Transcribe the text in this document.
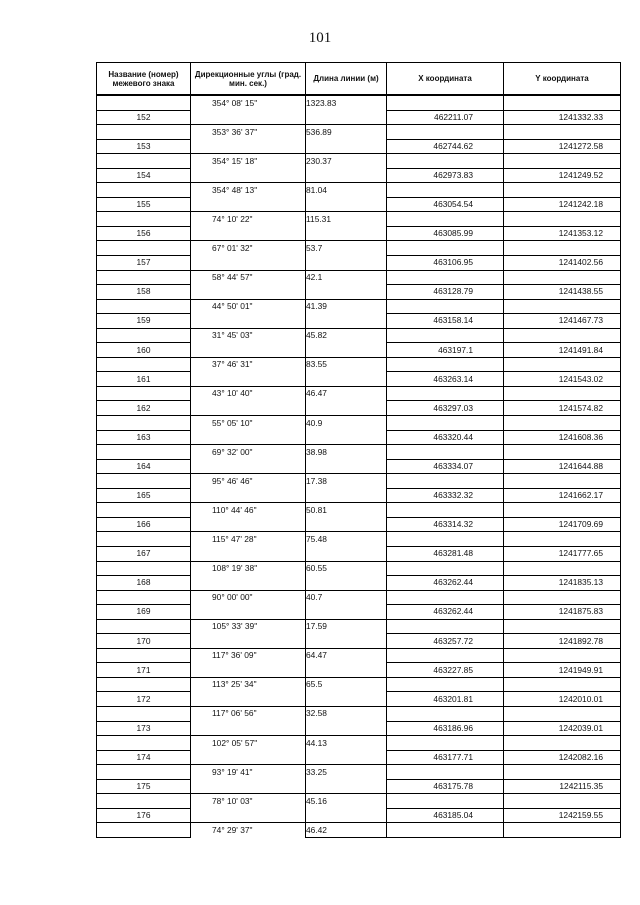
101
Название (номер) межевого знака	Дирекционные углы (град. мин. сек.)	Длина линии (м)	X координата	Y координата
	354° 08' 15"	1323.83		
152			462211.07	1241332.33
	353° 36' 37"	536.89		
153			462744.62	1241272.58
	354° 15' 18"	230.37		
154			462973.83	1241249.52
	354° 48' 13"	81.04		
155			463054.54	1241242.18
	74° 10' 22"	115.31		
156			463085.99	1241353.12
	67° 01' 32"	53.7		
157			463106.95	1241402.56
	58° 44' 57"	42.1		
158			463128.79	1241438.55
	44° 50' 01"	41.39		
159			463158.14	1241467.73
	31° 45' 03"	45.82		
160			463197.1	1241491.84
	37° 46' 31"	83.55		
161			463263.14	1241543.02
	43° 10' 40"	46.47		
162			463297.03	1241574.82
	55° 05' 10"	40.9		
163			463320.44	1241608.36
	69° 32' 00"	38.98		
164			463334.07	1241644.88
	95° 46' 46"	17.38		
165			463332.32	1241662.17
	110° 44' 46"	50.81		
166			463314.32	1241709.69
	115° 47' 28"	75.48		
167			463281.48	1241777.65
	108° 19' 38"	60.55		
168			463262.44	1241835.13
	90° 00' 00"	40.7		
169			463262.44	1241875.83
	105° 33' 39"	17.59		
170			463257.72	1241892.78
	117° 36' 09"	64.47		
171			463227.85	1241949.91
	113° 25' 34"	65.5		
172			463201.81	1242010.01
	117° 06' 56"	32.58		
173			463186.96	1242039.01
	102° 05' 57"	44.13		
174			463177.71	1242082.16
	93° 19' 41"	33.25		
175			463175.78	1242115.35
	78° 10' 03"	45.16		
176			463185.04	1242159.55
	74° 29' 37"	46.42		
